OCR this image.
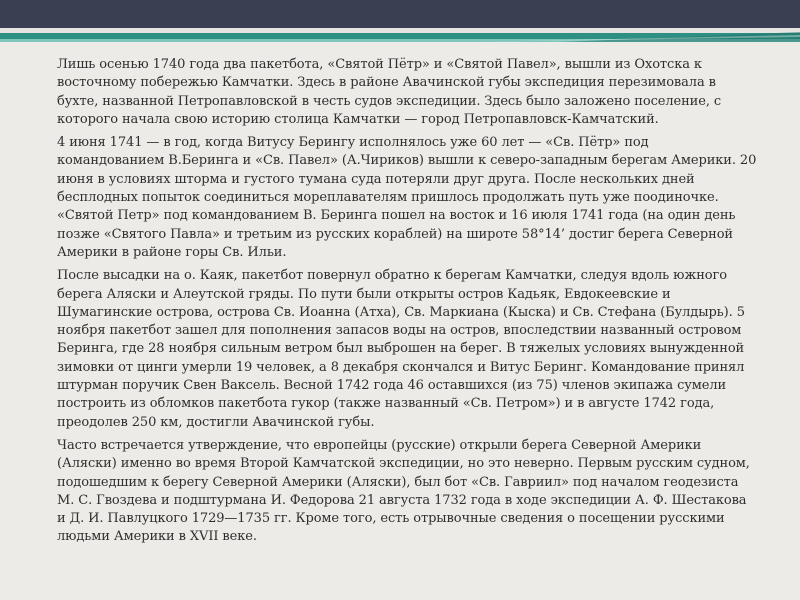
Лишь осенью 1740 года два пакетбота, «Святой Пётр» и «Святой Павел», вышли из Охотска к восточному побережью Камчатки. Здесь в районе Авачинской губы экспедиция перезимовала в бухте, названной Петропавловской в честь судов экспедиции. Здесь было заложено поселение, с которого начала свою историю столица Камчатки — город Петропавловск-Камчатский.

4 июня 1741 — в год, когда Витусу Берингу исполнялось уже 60 лет — «Св. Пётр» под командованием В.Беринга и «Св. Павел» (А.Чириков) вышли к северо-западным берегам Америки. 20 июня в условиях шторма и густого тумана суда потеряли друг друга. После нескольких дней бесплодных попыток соединиться мореплавателям пришлось продолжать путь уже поодиночке. «Святой Петр» под командованием В. Беринга пошел на восток и 16 июля 1741 года (на один день позже «Святого Павла» и третьим из русских кораблей) на широте 58°14’ достиг берега Северной Америки в районе горы Св. Ильи.

После высадки на о. Каяк, пакетбот повернул обратно к берегам Камчатки, следуя вдоль южного берега Аляски и Алеутской гряды. По пути были открыты остров Кадьяк, Евдокеевские и Шумагинские острова, острова Св. Иоанна (Атха), Св. Маркиана (Кыска) и Св. Стефана (Булдырь). 5 ноября пакетбот зашел для пополнения запасов воды на остров, впоследствии названный островом Беринга, где 28 ноября сильным ветром был выброшен на берег. В тяжелых условиях вынужденной зимовки от цинги умерли 19 человек, а 8 декабря скончался и Витус Беринг. Командование принял штурман поручик Свен Ваксель. Весной 1742 года 46 оставшихся (из 75) членов экипажа сумели построить из обломков пакетбота гукор (также названный «Св. Петром») и в августе 1742 года, преодолев 250 км, достигли Авачинской губы.

Часто встречается утверждение, что европейцы (русские) открыли берега Северной Америки (Аляски) именно во время Второй Камчатской экспедиции, но это неверно. Первым русским судном, подошедшим к берегу Северной Америки (Аляски), был бот «Св. Гавриил» под началом геодезиста М. С. Гвоздева и подштурмана И. Федорова 21 августа 1732 года в ходе экспедиции А. Ф. Шестакова и Д. И. Павлуцкого 1729—1735 гг. Кроме того, есть отрывочные сведения о посещении русскими людьми Америки в XVII веке.
